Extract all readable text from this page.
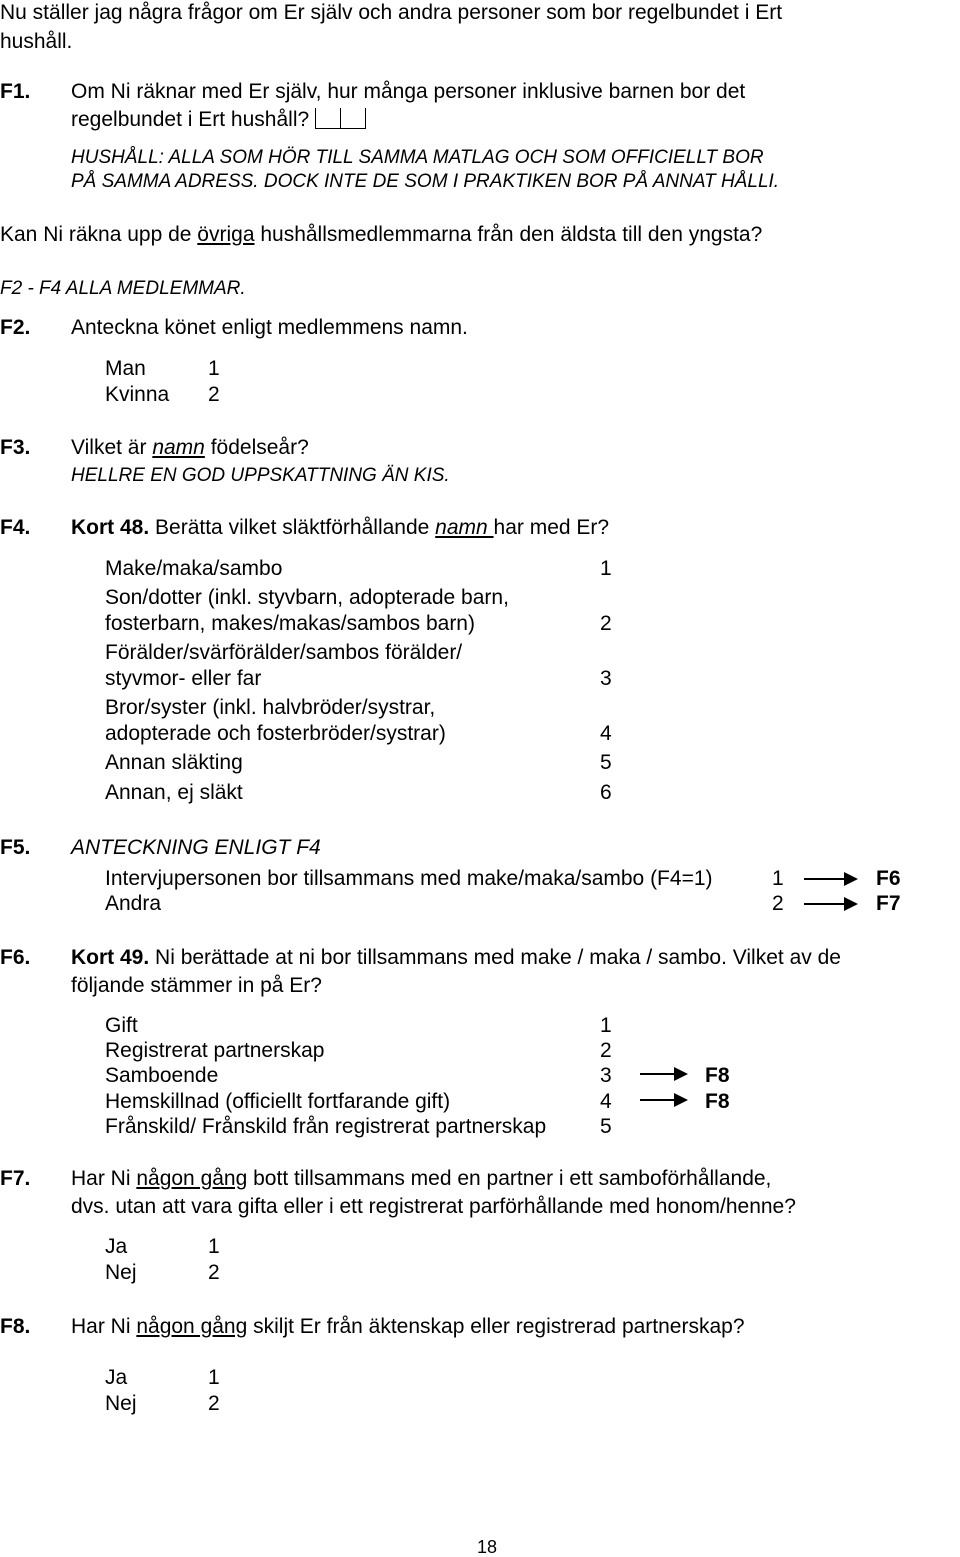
Nu ställer jag några frågor om Er själv och andra personer som bor regelbundet i Ert
hushåll.
F1. Om Ni räknar med Er själv, hur många personer inklusive barnen bor det
regelbundet i Ert hushåll?
HUSHÅLL: ALLA SOM HÖR TILL SAMMA MATLAG OCH SOM OFFICIELLT BOR
PÅ SAMMA ADRESS. DOCK INTE DE SOM I PRAKTIKEN BOR PÅ ANNAT HÅLLI.
Kan Ni räkna upp de övriga hushållsmedlemmarna från den äldsta till den yngsta?
F2 - F4 ALLA MEDLEMMAR.
F2. Anteckna könet enligt medlemmens namn.
Man	1
Kvinna 2
F3. Vilket är namn födelseår?
HELLRE EN GOD UPPSKATTNING ÄN KIS.
F4. Kort 48. Berätta vilket släktförhållande namn har med Er?
Make/maka/sambo	1
Son/dotter (inkl. styvbarn, adopterade barn,
fosterbarn, makes/makas/sambos barn)	2
Förälder/svärförälder/sambos förälder/
styvmor- eller far	3
Bror/syster (inkl. halvbröder/systrar,
adopterade och fosterbröder/systrar)	4
Annan släkting	5
Annan, ej släkt	6
F5. ANTECKNING ENLIGT F4
Intervjupersonen bor tillsammans med make/maka/sambo (F4=1)	1	F6
Andra	2	F7
F6. Kort 49. Ni berättade at ni bor tillsammans med make / maka / sambo. Vilket av de
följande stämmer in på Er?
Gift	1
Registrerat partnerskap	2
Samboende	3	F8
Hemskillnad (officiellt fortfarande gift)	4	F8
Frånskild/ Frånskild från registrerat partnerskap	5
F7. Har Ni någon gång bott tillsammans med en partner i ett samboförhållande,
dvs. utan att vara gifta eller i ett registrerat parförhållande med honom/henne?
Ja	1
Nej	2
F8. Har Ni någon gång skiljt Er från äktenskap eller registrerad partnerskap?
Ja	1
Nej	2
18
